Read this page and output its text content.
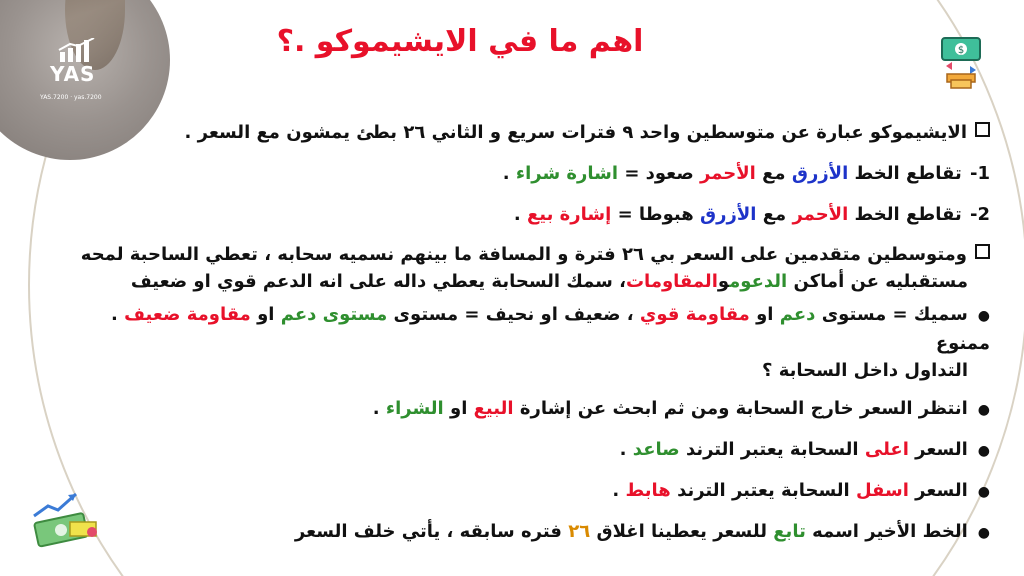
YAS
YAS.7200 · yas.7200
$
اهم ما في الايشيموكو .؟
الايشيموكو عبارة عن متوسطين واحد ٩ فترات سريع و الثاني ٢٦ بطئ يمشون مع السعر .
1- تقاطع الخط الأزرق مع الأحمر صعود = اشارة شراء .
2- تقاطع الخط الأحمر مع الأزرق هبوطا = إشارة بيع .
ومتوسطين متقدمين على السعر بي ٢٦ فترة و المسافة ما بينهم نسميه سحابه ، تعطي الساحبة لمحه
مستقبليه عن أماكن الدعوموالمقاومات، سمك السحابة يعطي داله على انه الدعم قوي او ضعيف
●سميك = مستوى دعم او مقاومة قوي ، ضعيف او نحيف = مستوى مستوى دعم او مقاومة ضعيف . ممنوع
التداول داخل السحابة ؟
●انتظر السعر خارج السحابة ومن ثم ابحث عن إشارة البيع او الشراء .
●السعر اعلى السحابة يعتبر الترند صاعد .
●السعر اسفل السحابة يعتبر الترند هابط .
●الخط الأخير اسمه تابع للسعر يعطينا اغلاق ٢٦ فتره سابقه ، يأتي خلف السعر
